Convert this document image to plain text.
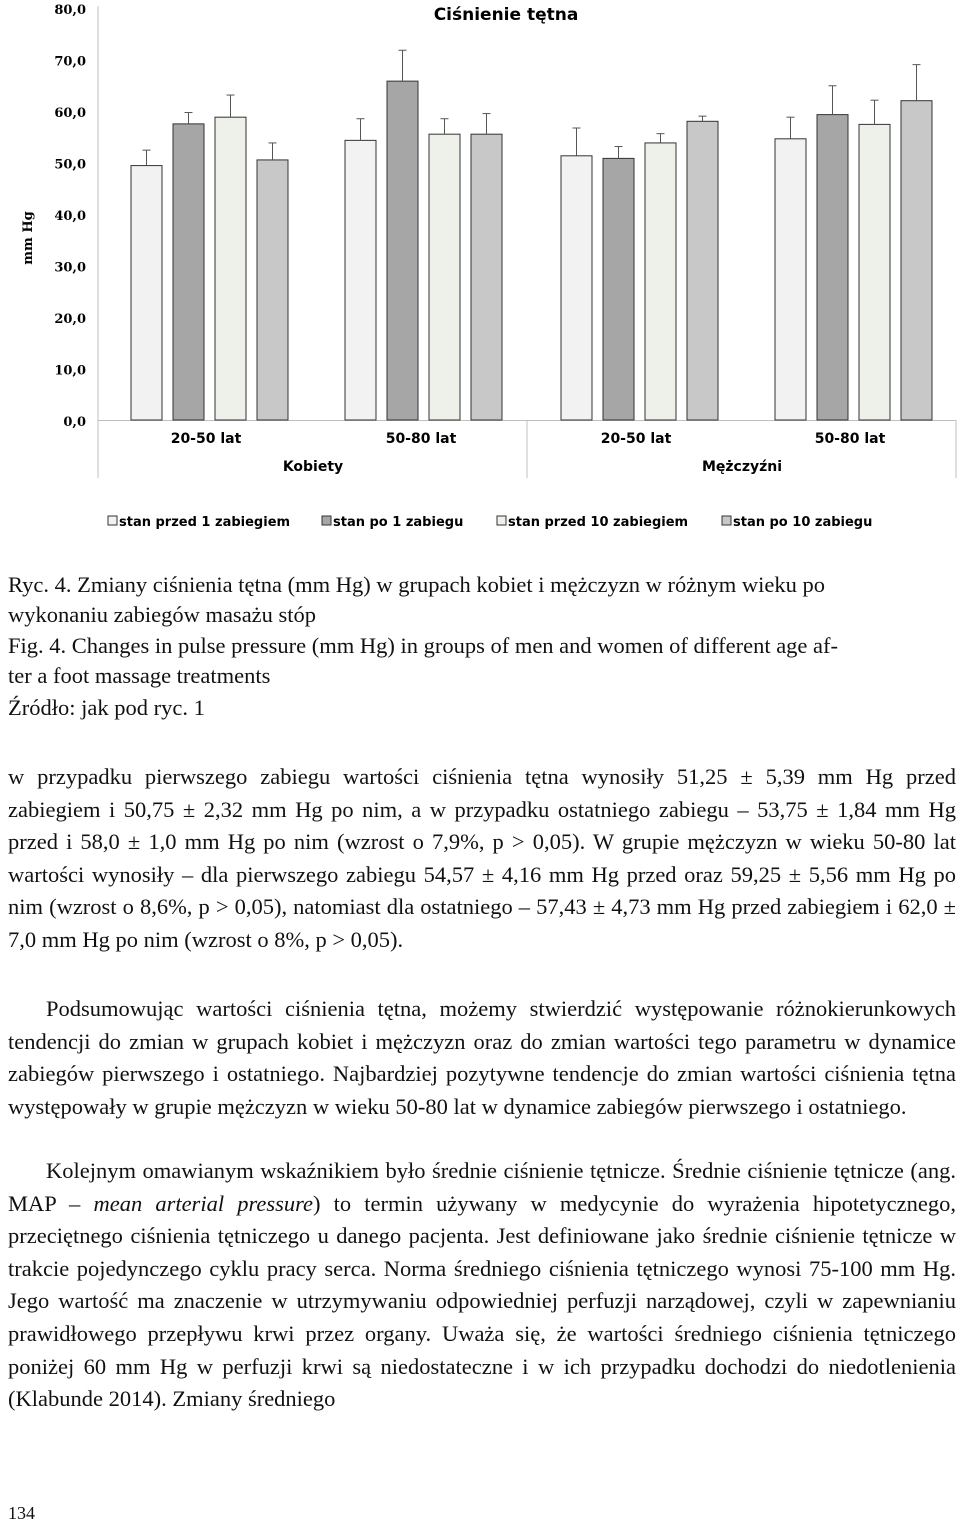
Ciśnienie tętna
mm Hg
0,0
10,0
20,0
30,0
40,0
50,0
60,0
70,0
80,0
20-50 lat	50-80 lat	20-50 lat	50-80 lat
Kobiety	Mężczyźni
stan przed 1 zabiegiem	stan po 1 zabiegu	stan przed 10 zabiegiem	stan po 10 zabiegu

Ryc. 4. Zmiany ciśnienia tętna (mm Hg) w grupach kobiet i mężczyzn w różnym wieku po

wykonaniu zabiegów masażu stóp

Fig. 4. Changes in pulse pressure (mm Hg) in groups of men and women of different age af-

ter a foot massage treatments

Źródło: jak pod ryc. 1

w przypadku pierwszego zabiegu wartości ciśnienia tętna wynosiły 51,25 ± 5,39 mm Hg przed zabiegiem i 50,75 ± 2,32 mm Hg po nim, a w przypadku ostatniego zabiegu – 53,75 ± 1,84 mm Hg przed i 58,0 ± 1,0 mm Hg po nim (wzrost o 7,9%, p > 0,05). W grupie mężczyzn w wieku 50-80 lat wartości wynosiły – dla pierwszego zabiegu 54,57 ± 4,16 mm Hg przed oraz 59,25 ± 5,56 mm Hg po nim (wzrost o 8,6%, p > 0,05), natomiast dla ostatniego – 57,43 ± 4,73 mm Hg przed zabiegiem i 62,0 ± 7,0 mm Hg po nim (wzrost o 8%, p > 0,05).

Podsumowując wartości ciśnienia tętna, możemy stwierdzić występowanie różnokierunkowych tendencji do zmian w grupach kobiet i mężczyzn oraz do zmian wartości tego parametru w dynamice zabiegów pierwszego i ostatniego. Najbardziej pozytywne tendencje do zmian wartości ciśnienia tętna występowały w grupie mężczyzn w wieku 50-80 lat w dynamice zabiegów pierwszego i ostatniego.

Kolejnym omawianym wskaźnikiem było średnie ciśnienie tętnicze. Średnie ciśnienie tętnicze (ang. MAP – mean arterial pressure) to termin używany w medycynie do wyrażenia hipotetycznego, przeciętnego ciśnienia tętniczego u danego pacjenta. Jest definiowane jako średnie ciśnienie tętnicze w trakcie pojedynczego cyklu pracy serca. Norma średniego ciśnienia tętniczego wynosi 75-100 mm Hg. Jego wartość ma znaczenie w utrzymywaniu odpowiedniej perfuzji narządowej, czyli w zapewnianiu prawidłowego przepływu krwi przez organy. Uważa się, że wartości średniego ciśnienia tętniczego poniżej 60 mm Hg w perfuzji krwi są niedostateczne i w ich przypadku dochodzi do niedotlenienia (Klabunde 2014). Zmiany średniego

134
